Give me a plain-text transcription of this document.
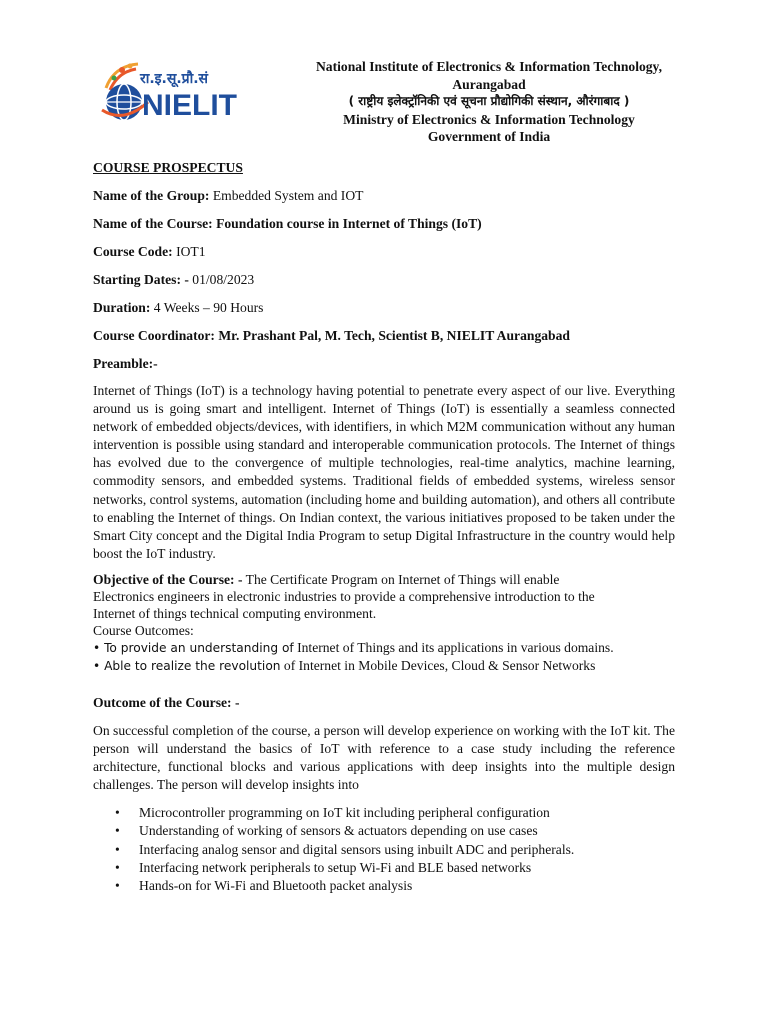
रा.इ.सू.प्रौ.सं
NIELIT
National Institute of Electronics & Information Technology,
Aurangabad
( राष्ट्रीय इलेक्ट्रॉनिकी एवं सूचना प्रौद्योगिकी संस्थान, औरंगाबाद )
Ministry of Electronics & Information Technology
Government of India

COURSE PROSPECTUS

Name of the Group: Embedded System and IOT

Name of the Course: Foundation course in Internet of Things (IoT)

Course Code: IOT1

Starting Dates: - 01/08/2023

Duration: 4 Weeks – 90 Hours

Course Coordinator: Mr. Prashant Pal, M. Tech, Scientist B, NIELIT Aurangabad

Preamble:-

Internet of Things (IoT) is a technology having potential to penetrate every aspect of our live. Everything around us is going smart and intelligent. Internet of Things (IoT) is essentially a seamless connected network of embedded objects/devices, with identifiers, in which M2M communication without any human intervention is possible using standard and interoperable communication protocols. The Internet of things has evolved due to the convergence of multiple technologies, real-time analytics, machine learning, commodity sensors, and embedded systems. Traditional fields of embedded systems, wireless sensor networks, control systems, automation (including home and building automation), and others all contribute to enabling the Internet of things. On Indian context, the various initiatives proposed to be taken under the Smart City concept and the Digital India Program to setup Digital Infrastructure in the country would help boost the IoT industry.

Objective of the Course: - The Certificate Program on Internet of Things will enable

Electronics engineers in electronic industries to provide a comprehensive introduction to the

Internet of things technical computing environment.

Course Outcomes:

• To provide an understanding of Internet of Things and its applications in various domains.

• Able to realize the revolution of Internet in Mobile Devices, Cloud & Sensor Networks

Outcome of the Course: -

On successful completion of the course, a person will develop experience on working with the IoT kit. The person will understand the basics of IoT with reference to a case study including the reference architecture, functional blocks and various applications with deep insights into the multiple design challenges. The person will develop insights into

• Microcontroller programming on IoT kit including peripheral configuration
• Understanding of working of sensors & actuators depending on use cases
• Interfacing analog sensor and digital sensors using inbuilt ADC and peripherals.
• Interfacing network peripherals to setup Wi-Fi and BLE based networks
• Hands-on for Wi-Fi and Bluetooth packet analysis
